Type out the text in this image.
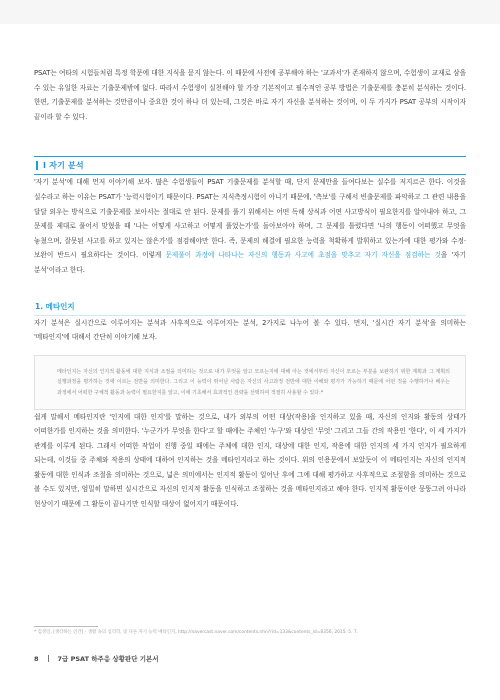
PSAT는 여타의 시험들처럼 특정 학문에 대한 지식을 묻지 않는다. 이 때문에 사전에 공부해야 하는 '교과서'가 존재하지 않으며, 수험생이 교재로 삼을 수 있는 유일한 자료는 기출문제밖에 없다. 따라서 수험생이 실천해야 할 가장 기본적이고 필수적인 공부 방법은 기출문제를 충분히 분석하는 것이다. 한편, 기출문제를 분석하는 것만큼이나 중요한 것이 하나 더 있는데, 그것은 바로 자기 자신을 분석하는 것이며, 이 두 가지가 PSAT 공부의 시작이자 끝이라 할 수 있다.

I 자기 분석

'자기 분석'에 대해 먼저 이야기해 보자. 많은 수험생들이 PSAT 기출문제를 분석할 때, 단지 문제만을 들여다보는 실수를 저지르곤 한다. 이것을 실수라고 하는 이유는 PSAT가 '능력시험이기 때문이다. PSAT는 지식측정시험이 아니기 때문에, '측보'를 구해서 빈출문제를 파악하고 그 관련 내용을 달달 외우는 방식으로 기출문제를 보아서는 절대로 안 된다. 문제를 풀기 위해서는 어떤 독해 상식과 어떤 사고방식이 필요한지를 알아내야 하고, 그 문제를 제대로 풀어서 맞혔을 때 '나는 어떻게 사고하고 어떻게 풀었는가'를 돌아보아야 하며, 그 문제를 틀렸다면 '나의 행동이 어떠했고 무엇을 놓쳤으며, 잘못된 사고를 하고 있지는 않은가'를 점검해야만 한다. 즉, 문제의 해결에 필요한 능력을 척확하게 발휘하고 있는가에 대한 평가와 수정·보완이 반드시 필요하다는 것이다. 이렇게 문제풀이 과정에 나타나는 자신의 행동과 사고에 초점을 맞추고 자기 자신을 점검하는 것을 '자기 분석'이라고 한다.

1. 메타인지

자기 분석은 실시간으로 이루어지는 분석과 사후적으로 이루어지는 분석, 2가지로 나누어 볼 수 있다. 먼저, '실시간 자기 분석'을 의미하는 '메타인지'에 대해서 간단히 이야기해 보자.

메타인지는 자신의 인지적 활동에 대한 지식과 조절을 의미하는 것으로 내가 무엇을 알고 모르는지에 대해 아는 것에서부터 자신이 모르는 부분을 보완하기 위한 계획과 그 계획의 실행과정을 평가하는 것에 이르는 전반을 의미한다. 그리고 이 능력이 뛰어난 사람은 자신의 사고과정 전반에 대한 이해와 평가가 가능하기 때문에 어떤 것을 수행하거나 배우는 과정에서 어떠한 구체적 활동과 능력이 필요한지를 알고, 이에 기초해서 효과적인 전략을 선택하여 적절히 사용할 수 있다.*

쉽게 말해서 메타인지란 '인지에 대한 인지'를 말하는 것으로, 내가 외부의 어떤 대상(작용)을 인지하고 있을 때, 자신의 인지와 활동의 상태가 어떠한가를 인지하는 것을 의미한다. '누군가가 무엇을 한다'고 할 때에는 주체인 '누구'와 대상인 '무엇' 그리고 그들 간의 작용인 '한다', 이 세 가지가 관계를 이루게 된다. 그래서 어떠한 작업이 진행 중일 때에는 주체에 대한 인지, 대상에 대한 인지, 작용에 대한 인지의 세 가지 인지가 필요하게 되는데, 이것들 중 주체와 작용의 상태에 대하여 인지하는 것을 메타인지라고 하는 것이다. 위의 인용문에서 보았듯이 이 메타인지는 자신의 인지적 활동에 대한 인식과 조절을 의미하는 것으로, 넓은 의미에서는 인지적 활동이 일어난 후에 그에 대해 평가하고 사후적으로 조절함을 의미하는 것으로 볼 수도 있지만, 엄밀히 말하면 실시간으로 자신의 인지적 활동을 인식하고 조절하는 것을 메타인지라고 해야 한다. 인지적 활동이란 뭉뚱그려 아나라 현상이기 때문에 그 활동이 끝나기만 인식할 대상이 없어지기 때문이다.

* 김경일, [생각하는 인간] - 생활 속의 심리학, 및 다른 자기 능력 메타인지, http://navercast.naver.com/contents.nhn?rid=133&contents_id=8356, 2015. 5. 7.
8	7급 PSAT 하주응 상황판단 기본서
